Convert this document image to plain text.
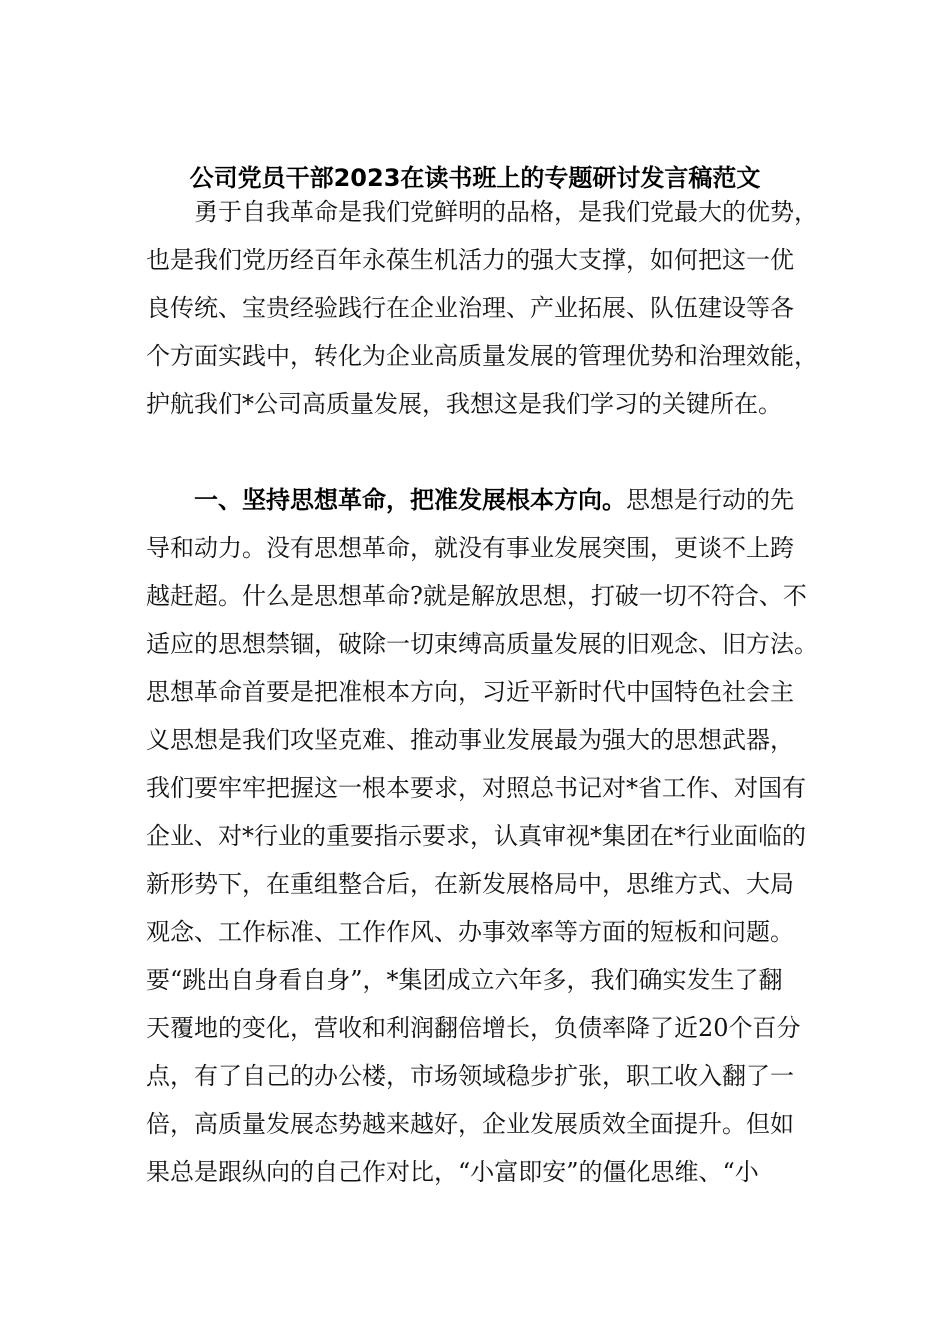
公司党员干部2023在读书班上的专题研讨发言稿范文
勇于自我革命是我们党鲜明的品格，是我们党最大的优势，
也是我们党历经百年永葆生机活力的强大支撑，如何把这一优
良传统、宝贵经验践行在企业治理、产业拓展、队伍建设等各
个方面实践中，转化为企业高质量发展的管理优势和治理效能，
护航我们*公司高质量发展，我想这是我们学习的关键所在。
一、坚持思想革命，把准发展根本方向。思想是行动的先
导和动力。没有思想革命，就没有事业发展突围，更谈不上跨
越赶超。什么是思想革命?就是解放思想，打破一切不符合、不
适应的思想禁锢，破除一切束缚高质量发展的旧观念、旧方法。
思想革命首要是把准根本方向，习近平新时代中国特色社会主
义思想是我们攻坚克难、推动事业发展最为强大的思想武器，
我们要牢牢把握这一根本要求，对照总书记对*省工作、对国有
企业、对*行业的重要指示要求，认真审视*集团在*行业面临的
新形势下，在重组整合后，在新发展格局中，思维方式、大局
观念、工作标准、工作作风、办事效率等方面的短板和问题。
要“跳出自身看自身”，*集团成立六年多，我们确实发生了翻
天覆地的变化，营收和利润翻倍增长，负债率降了近20个百分
点，有了自己的办公楼，市场领域稳步扩张，职工收入翻了一
倍，高质量发展态势越来越好，企业发展质效全面提升。但如
果总是跟纵向的自己作对比，“小富即安”的僵化思维、“小
